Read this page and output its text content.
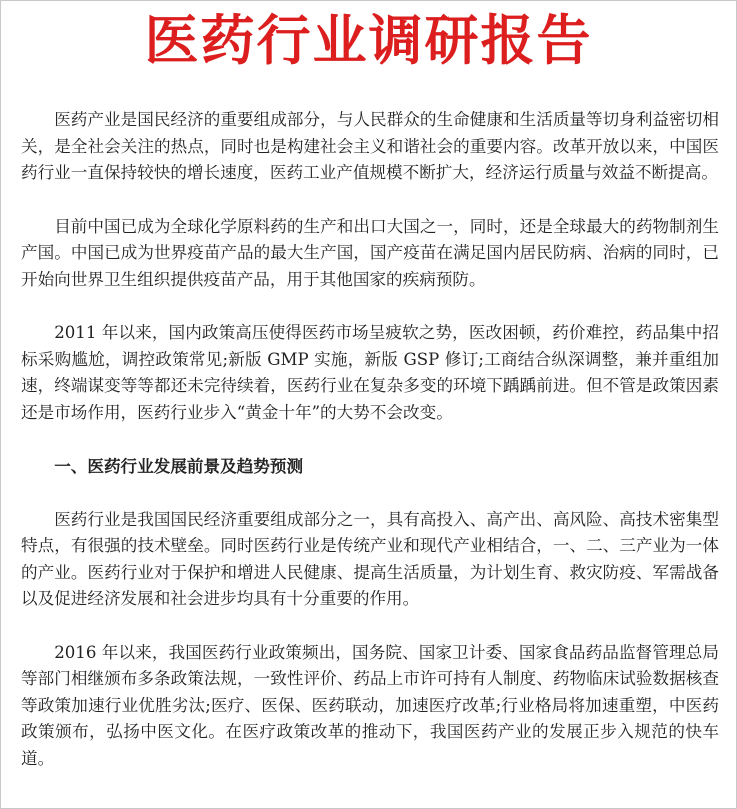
医药行业调研报告

医药产业是国民经济的重要组成部分，与人民群众的生命健康和生活质量等切身利益密切相关，是全社会关注的热点，同时也是构建社会主义和谐社会的重要内容。改革开放以来，中国医药行业一直保持较快的增长速度，医药工业产值规模不断扩大，经济运行质量与效益不断提高。

目前中国已成为全球化学原料药的生产和出口大国之一，同时，还是全球最大的药物制剂生产国。中国已成为世界疫苗产品的最大生产国，国产疫苗在满足国内居民防病、治病的同时，已开始向世界卫生组织提供疫苗产品，用于其他国家的疾病预防。

2011 年以来，国内政策高压使得医药市场呈疲软之势，医改困顿，药价难控，药品集中招标采购尴尬，调控政策常见;新版 GMP 实施，新版 GSP 修订;工商结合纵深调整，兼并重组加速，终端谋变等等都还未完待续着，医药行业在复杂多变的环境下踽踽前进。但不管是政策因素还是市场作用，医药行业步入“黄金十年”的大势不会改变。

一、医药行业发展前景及趋势预测

医药行业是我国国民经济重要组成部分之一，具有高投入、高产出、高风险、高技术密集型特点，有很强的技术壁垒。同时医药行业是传统产业和现代产业相结合，一、二、三产业为一体的产业。医药行业对于保护和增进人民健康、提高生活质量，为计划生育、救灾防疫、军需战备以及促进经济发展和社会进步均具有十分重要的作用。

2016 年以来，我国医药行业政策频出，国务院、国家卫计委、国家食品药品监督管理总局等部门相继颁布多条政策法规，一致性评价、药品上市许可持有人制度、药物临床试验数据核查等政策加速行业优胜劣汰;医疗、医保、医药联动，加速医疗改革;行业格局将加速重塑，中医药政策颁布，弘扬中医文化。在医疗政策改革的推动下，我国医药产业的发展正步入规范的快车道。
